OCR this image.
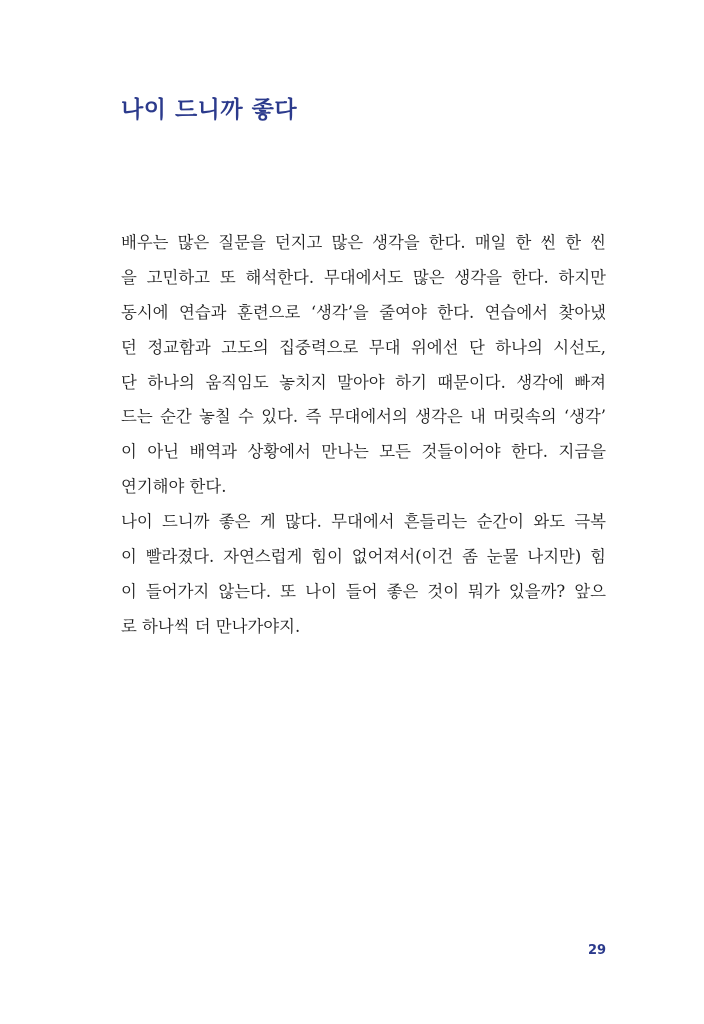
나이 드니까 좋다
배우는 많은 질문을 던지고 많은 생각을 한다. 매일 한 씬 한 씬
을 고민하고 또 해석한다. 무대에서도 많은 생각을 한다. 하지만
동시에 연습과 훈련으로 ‘생각’을 줄여야 한다. 연습에서 찾아냈
던 정교함과 고도의 집중력으로 무대 위에선 단 하나의 시선도,
단 하나의 움직임도 놓치지 말아야 하기 때문이다. 생각에 빠져
드는 순간 놓칠 수 있다. 즉 무대에서의 생각은 내 머릿속의 ‘생각’
이 아닌 배역과 상황에서 만나는 모든 것들이어야 한다. 지금을
연기해야 한다.
나이 드니까 좋은 게 많다. 무대에서 흔들리는 순간이 와도 극복
이 빨라졌다. 자연스럽게 힘이 없어져서(이건 좀 눈물 나지만) 힘
이 들어가지 않는다. 또 나이 들어 좋은 것이 뭐가 있을까? 앞으
로 하나씩 더 만나가야지.
29
